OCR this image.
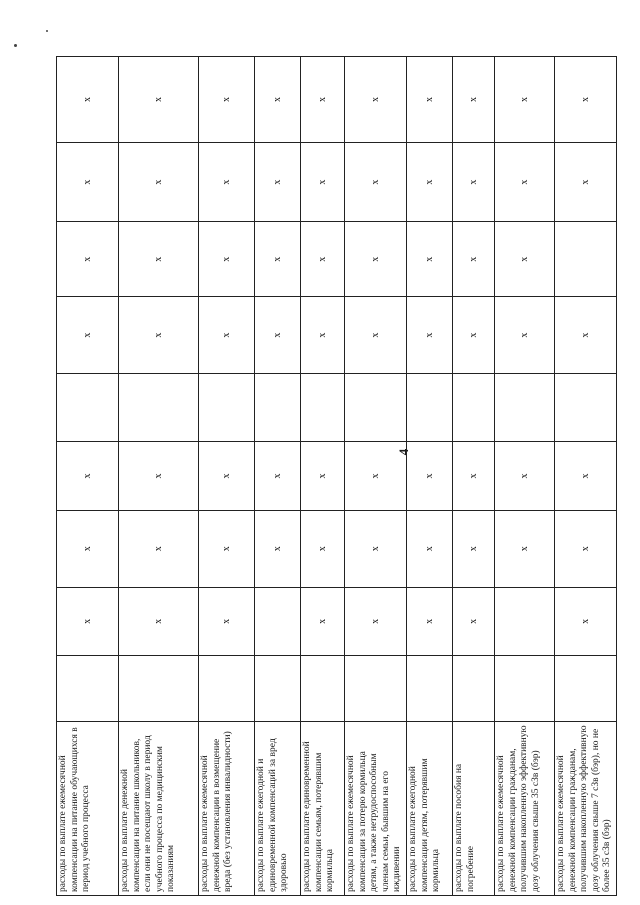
4
расходы по выплате ежемесячной компенсации на питание обучающихся в период учебного процесса		x	x	x		x	x	x	x
расходы по выплате денежной компенсации на питание школьников, если они не посещают школу в период учебного процесса по медицинским показаниям		x	x	x		x	x	x	x
расходы по выплате ежемесячной денежной компенсации в возмещение вреда (без установления инвалидности)		x	x	x		x	x	x	x
расходы по выплате ежегодной и единовременной компенсаций за вред здоровью			x	x		x	x	x	x
расходы по выплате единовременной компенсации семьям, потерявшим кормильца		x	x	x		x	x	x	x
расходы по выплате ежемесячной компенсации за потерю кормильца детям, а также нетрудоспособным членам семьи, бывшим на его иждивении		x	x	x		x	x	x	x
расходы по выплате ежегодной компенсации детям, потерявшим кормильца		x	x	x		x	x	x	x
расходы по выплате пособия на погребение		x	x	x		x	x	x	x
расходы по выплате ежемесячной денежной компенсации гражданам, получившим накопленную эффективную дозу облучения свыше 35 сЗв (бэр)			x	x		x	x	x	x
расходы по выплате ежемесячной денежной компенсации гражданам, получившим накопленную эффективную дозу облучения свыше 7 сЗв (бэр), но не более 35 сЗв (бэр)		x	x	x		x		x	x
